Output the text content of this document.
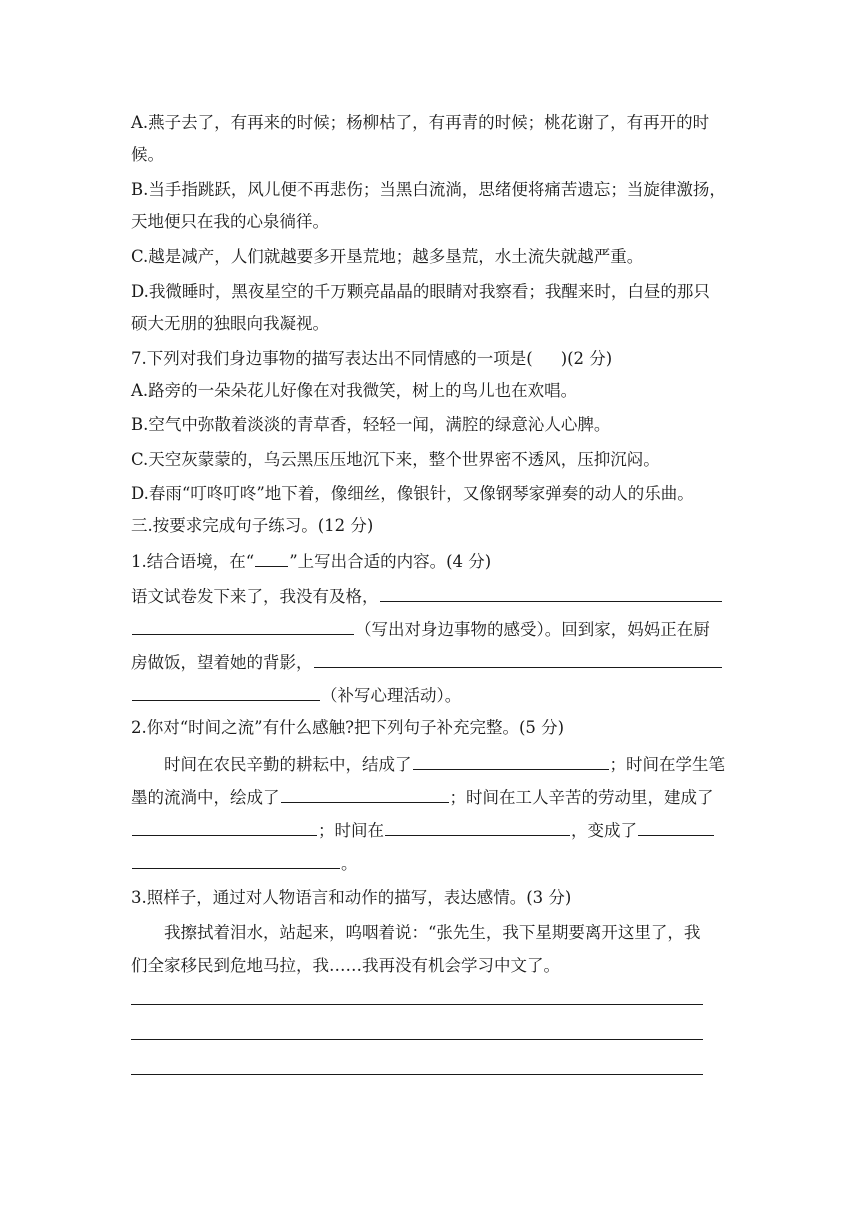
A.燕子去了，有再来的时候；杨柳枯了，有再青的时候；桃花谢了，有再开的时
候。
B.当手指跳跃，风儿便不再悲伤；当黑白流淌，思绪便将痛苦遗忘；当旋律激扬，
天地便只在我的心泉徜徉。
C.越是减产，人们就越要多开垦荒地；越多垦荒，水土流失就越严重。
D.我微睡时，黑夜星空的千万颗亮晶晶的眼睛对我察看；我醒来时，白昼的那只
硕大无朋的独眼向我凝视。
7.下列对我们身边事物的描写表达出不同情感的一项是( )(2 分)
A.路旁的一朵朵花儿好像在对我微笑，树上的鸟儿也在欢唱。
B.空气中弥散着淡淡的青草香，轻轻一闻，满腔的绿意沁人心脾。
C.天空灰蒙蒙的，乌云黑压压地沉下来，整个世界密不透风，压抑沉闷。
D.春雨“叮咚叮咚”地下着，像细丝，像银针，又像钢琴家弹奏的动人的乐曲。
三.按要求完成句子练习。(12 分)
1.结合语境，在“ ”上写出合适的内容。(4 分)
语文试卷发下来了，我没有及格，
（写出对身边事物的感受）。回到家，妈妈正在厨
房做饭，望着她的背影，
（补写心理活动）。
2.你对“时间之流”有什么感触?把下列句子补充完整。(5 分)
时间在农民辛勤的耕耘中，结成了	；时间在学生笔
墨的流淌中，绘成了	；时间在工人辛苦的劳动里，建成了
；时间在	，变成了
。
3.照样子，通过对人物语言和动作的描写，表达感情。(3 分)
我擦拭着泪水，站起来，呜咽着说：“张先生，我下星期要离开这里了，我
们全家移民到危地马拉，我……我再没有机会学习中文了。
